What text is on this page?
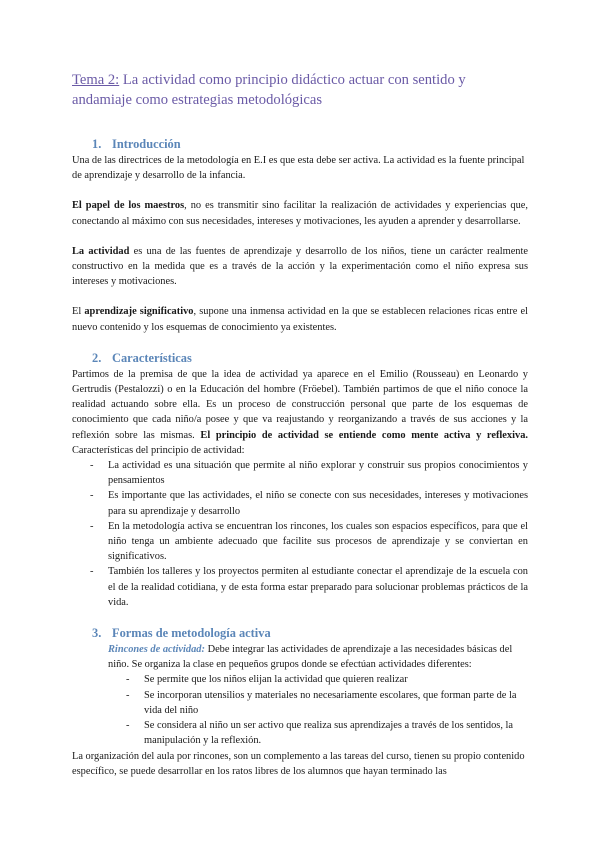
Tema 2: La actividad como principio didáctico actuar con sentido y andamiaje como estrategias metodológicas
1. Introducción

Una de las directrices de la metodología en E.I es que esta debe ser activa. La actividad es la fuente principal de aprendizaje y desarrollo de la infancia.

El papel de los maestros, no es transmitir sino facilitar la realización de actividades y experiencias que, conectando al máximo con sus necesidades, intereses y motivaciones, les ayuden a aprender y desarrollarse.

La actividad es una de las fuentes de aprendizaje y desarrollo de los niños, tiene un carácter realmente constructivo en la medida que es a través de la acción y la experimentación como el niño expresa sus intereses y motivaciones.

El aprendizaje significativo, supone una inmensa actividad en la que se establecen relaciones ricas entre el nuevo contenido y los esquemas de conocimiento ya existentes.

2. Características

Partimos de la premisa de que la idea de actividad ya aparece en el Emilio (Rousseau) en Leonardo y Gertrudis (Pestalozzi) o en la Educación del hombre (Fröebel). También partimos de que el niño conoce la realidad actuando sobre ella. Es un proceso de construcción personal que parte de los esquemas de conocimiento que cada niño/a posee y que va reajustando y reorganizando a través de sus acciones y la reflexión sobre las mismas. El principio de actividad se entiende como mente activa y reflexiva. Características del principio de actividad:

- La actividad es una situación que permite al niño explorar y construir sus propios conocimientos y pensamientos
- Es importante que las actividades, el niño se conecte con sus necesidades, intereses y motivaciones para su aprendizaje y desarrollo
- En la metodología activa se encuentran los rincones, los cuales son espacios específicos, para que el niño tenga un ambiente adecuado que facilite sus procesos de aprendizaje y se conviertan en significativos.
- También los talleres y los proyectos permiten al estudiante conectar el aprendizaje de la escuela con el de la realidad cotidiana, y de esta forma estar preparado para solucionar problemas prácticos de la vida.
3. Formas de metodología activa

Rincones de actividad: Debe integrar las actividades de aprendizaje a las necesidades básicas del niño. Se organiza la clase en pequeños grupos donde se efectúan actividades diferentes:

- Se permite que los niños elijan la actividad que quieren realizar
- Se incorporan utensilios y materiales no necesariamente escolares, que forman parte de la vida del niño
- Se considera al niño un ser activo que realiza sus aprendizajes a través de los sentidos, la manipulación y la reflexión.

La organización del aula por rincones, son un complemento a las tareas del curso, tienen su propio contenido específico, se puede desarrollar en los ratos libres de los alumnos que hayan terminado las
